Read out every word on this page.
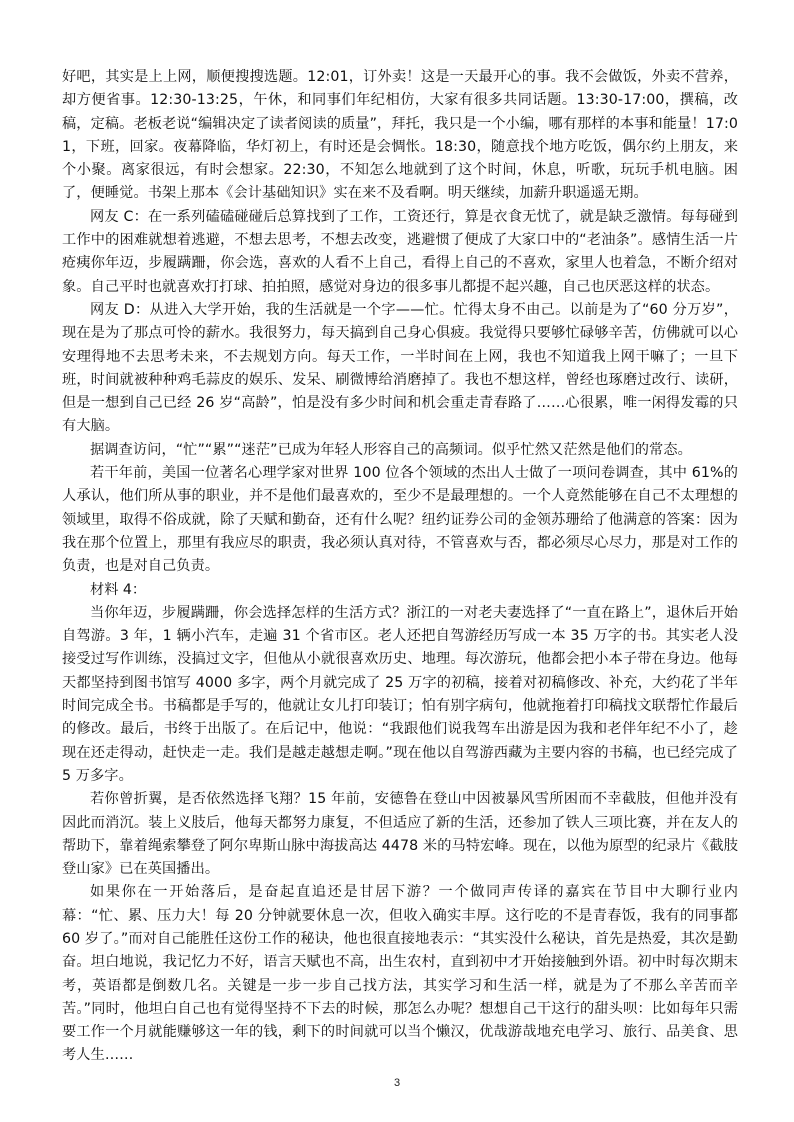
好吧，其实是上上网，顺便搜搜选题。12:01，订外卖！这是一天最开心的事。我不会做饭，外卖不营养，却方便省事。12:30-13:25，午休，和同事们年纪相仿，大家有很多共同话题。13:30-17:00，撰稿，改稿，定稿。老板老说“编辑决定了读者阅读的质量”，拜托，我只是一个小编，哪有那样的本事和能量！17:01，下班，回家。夜幕降临，华灯初上，有时还是会惆怅。18:30，随意找个地方吃饭，偶尔约上朋友，来个小聚。离家很远，有时会想家。22:30，不知怎么地就到了这个时间，休息，听歌，玩玩手机电脑。困了，便睡觉。书架上那本《会计基础知识》实在来不及看啊。明天继续，加薪升职遥遥无期。

网友 C：在一系列磕磕碰碰后总算找到了工作，工资还行，算是衣食无忧了，就是缺乏激情。每每碰到工作中的困难就想着逃避，不想去思考，不想去改变，逃避惯了便成了大家口中的“老油条”。感情生活一片疮痍你年迈，步履蹒跚，你会选，喜欢的人看不上自己，看得上自己的不喜欢，家里人也着急，不断介绍对象。自己平时也就喜欢打打球、拍拍照，感觉对身边的很多事儿都提不起兴趣，自己也厌恶这样的状态。

网友 D：从进入大学开始，我的生活就是一个字——忙。忙得太身不由己。以前是为了“60 分万岁”，现在是为了那点可怜的薪水。我很努力，每天搞到自己身心俱疲。我觉得只要够忙碌够辛苦，仿佛就可以心安理得地不去思考未来，不去规划方向。每天工作，一半时间在上网，我也不知道我上网干嘛了；一旦下班，时间就被种种鸡毛蒜皮的娱乐、发呆、刷微博给消磨掉了。我也不想这样，曾经也琢磨过改行、读研，但是一想到自己已经 26 岁“高龄”，怕是没有多少时间和机会重走青春路了……心很累，唯一闲得发霉的只有大脑。

据调查访问，“忙”“累”“迷茫”已成为年轻人形容自己的高频词。似乎忙然又茫然是他们的常态。

若干年前，美国一位著名心理学家对世界 100 位各个领域的杰出人士做了一项问卷调查，其中 61%的人承认，他们所从事的职业，并不是他们最喜欢的，至少不是最理想的。一个人竟然能够在自己不太理想的领域里，取得不俗成就，除了天赋和勤奋，还有什么呢？纽约证券公司的金领苏珊给了他满意的答案：因为我在那个位置上，那里有我应尽的职责，我必须认真对待，不管喜欢与否，都必须尽心尽力，那是对工作的负责，也是对自己负责。

材料 4：

当你年迈，步履蹒跚，你会选择怎样的生活方式？浙江的一对老夫妻选择了“一直在路上”，退休后开始自驾游。3 年，1 辆小汽车，走遍 31 个省市区。老人还把自驾游经历写成一本 35 万字的书。其实老人没接受过写作训练，没搞过文字，但他从小就很喜欢历史、地理。每次游玩，他都会把小本子带在身边。他每天都坚持到图书馆写 4000 多字，两个月就完成了 25 万字的初稿，接着对初稿修改、补充，大约花了半年时间完成全书。书稿都是手写的，他就让女儿打印装订；怕有别字病句，他就拖着打印稿找文联帮忙作最后的修改。最后，书终于出版了。在后记中，他说：“我跟他们说我驾车出游是因为我和老伴年纪不小了，趁现在还走得动，赶快走一走。我们是越走越想走啊。”现在他以自驾游西藏为主要内容的书稿，也已经完成了 5 万多字。

若你曾折翼，是否依然选择飞翔？15 年前，安德鲁在登山中因被暴风雪所困而不幸截肢，但他并没有因此而消沉。装上义肢后，他每天都努力康复，不但适应了新的生活，还参加了铁人三项比赛，并在友人的帮助下，靠着绳索攀登了阿尔卑斯山脉中海拔高达 4478 米的马特宏峰。现在，以他为原型的纪录片《截肢登山家》已在英国播出。

如果你在一开始落后，是奋起直追还是甘居下游？一个做同声传译的嘉宾在节目中大聊行业内幕：“忙、累、压力大！每 20 分钟就要休息一次，但收入确实丰厚。这行吃的不是青春饭，我有的同事都 60 岁了。”而对自己能胜任这份工作的秘诀，他也很直接地表示：“其实没什么秘诀，首先是热爱，其次是勤奋。坦白地说，我记忆力不好，语言天赋也不高，出生农村，直到初中才开始接触到外语。初中时每次期末考，英语都是倒数几名。关键是一步一步自己找方法，其实学习和生活一样，就是为了不那么辛苦而辛苦。”同时，他坦白自己也有觉得坚持不下去的时候，那怎么办呢？想想自己干这行的甜头呗：比如每年只需要工作一个月就能赚够这一年的钱，剩下的时间就可以当个懒汉，优哉游哉地充电学习、旅行、品美食、思考人生……

3
